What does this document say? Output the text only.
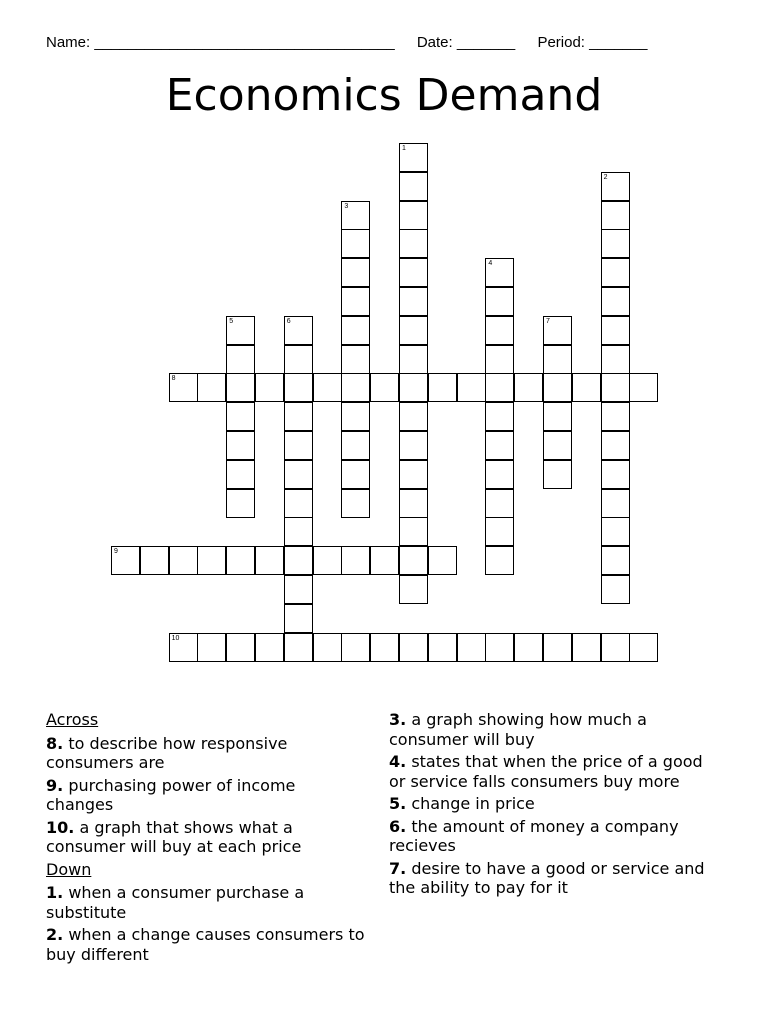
Name: ____________________________________ Date: _______ Period: _______
Economics Demand
1
2
3
4
5	6	7
8
9
10
Across
8. to describe how responsive consumers are
9. purchasing power of income changes
10. a graph that shows what a consumer will buy at each price
Down
1. when a consumer purchase a substitute
2. when a change causes consumers to buy different
3. a graph showing how much a consumer will buy
4. states that when the price of a good or service falls consumers buy more
5. change in price
6. the amount of money a company recieves
7. desire to have a good or service and the ability to pay for it
